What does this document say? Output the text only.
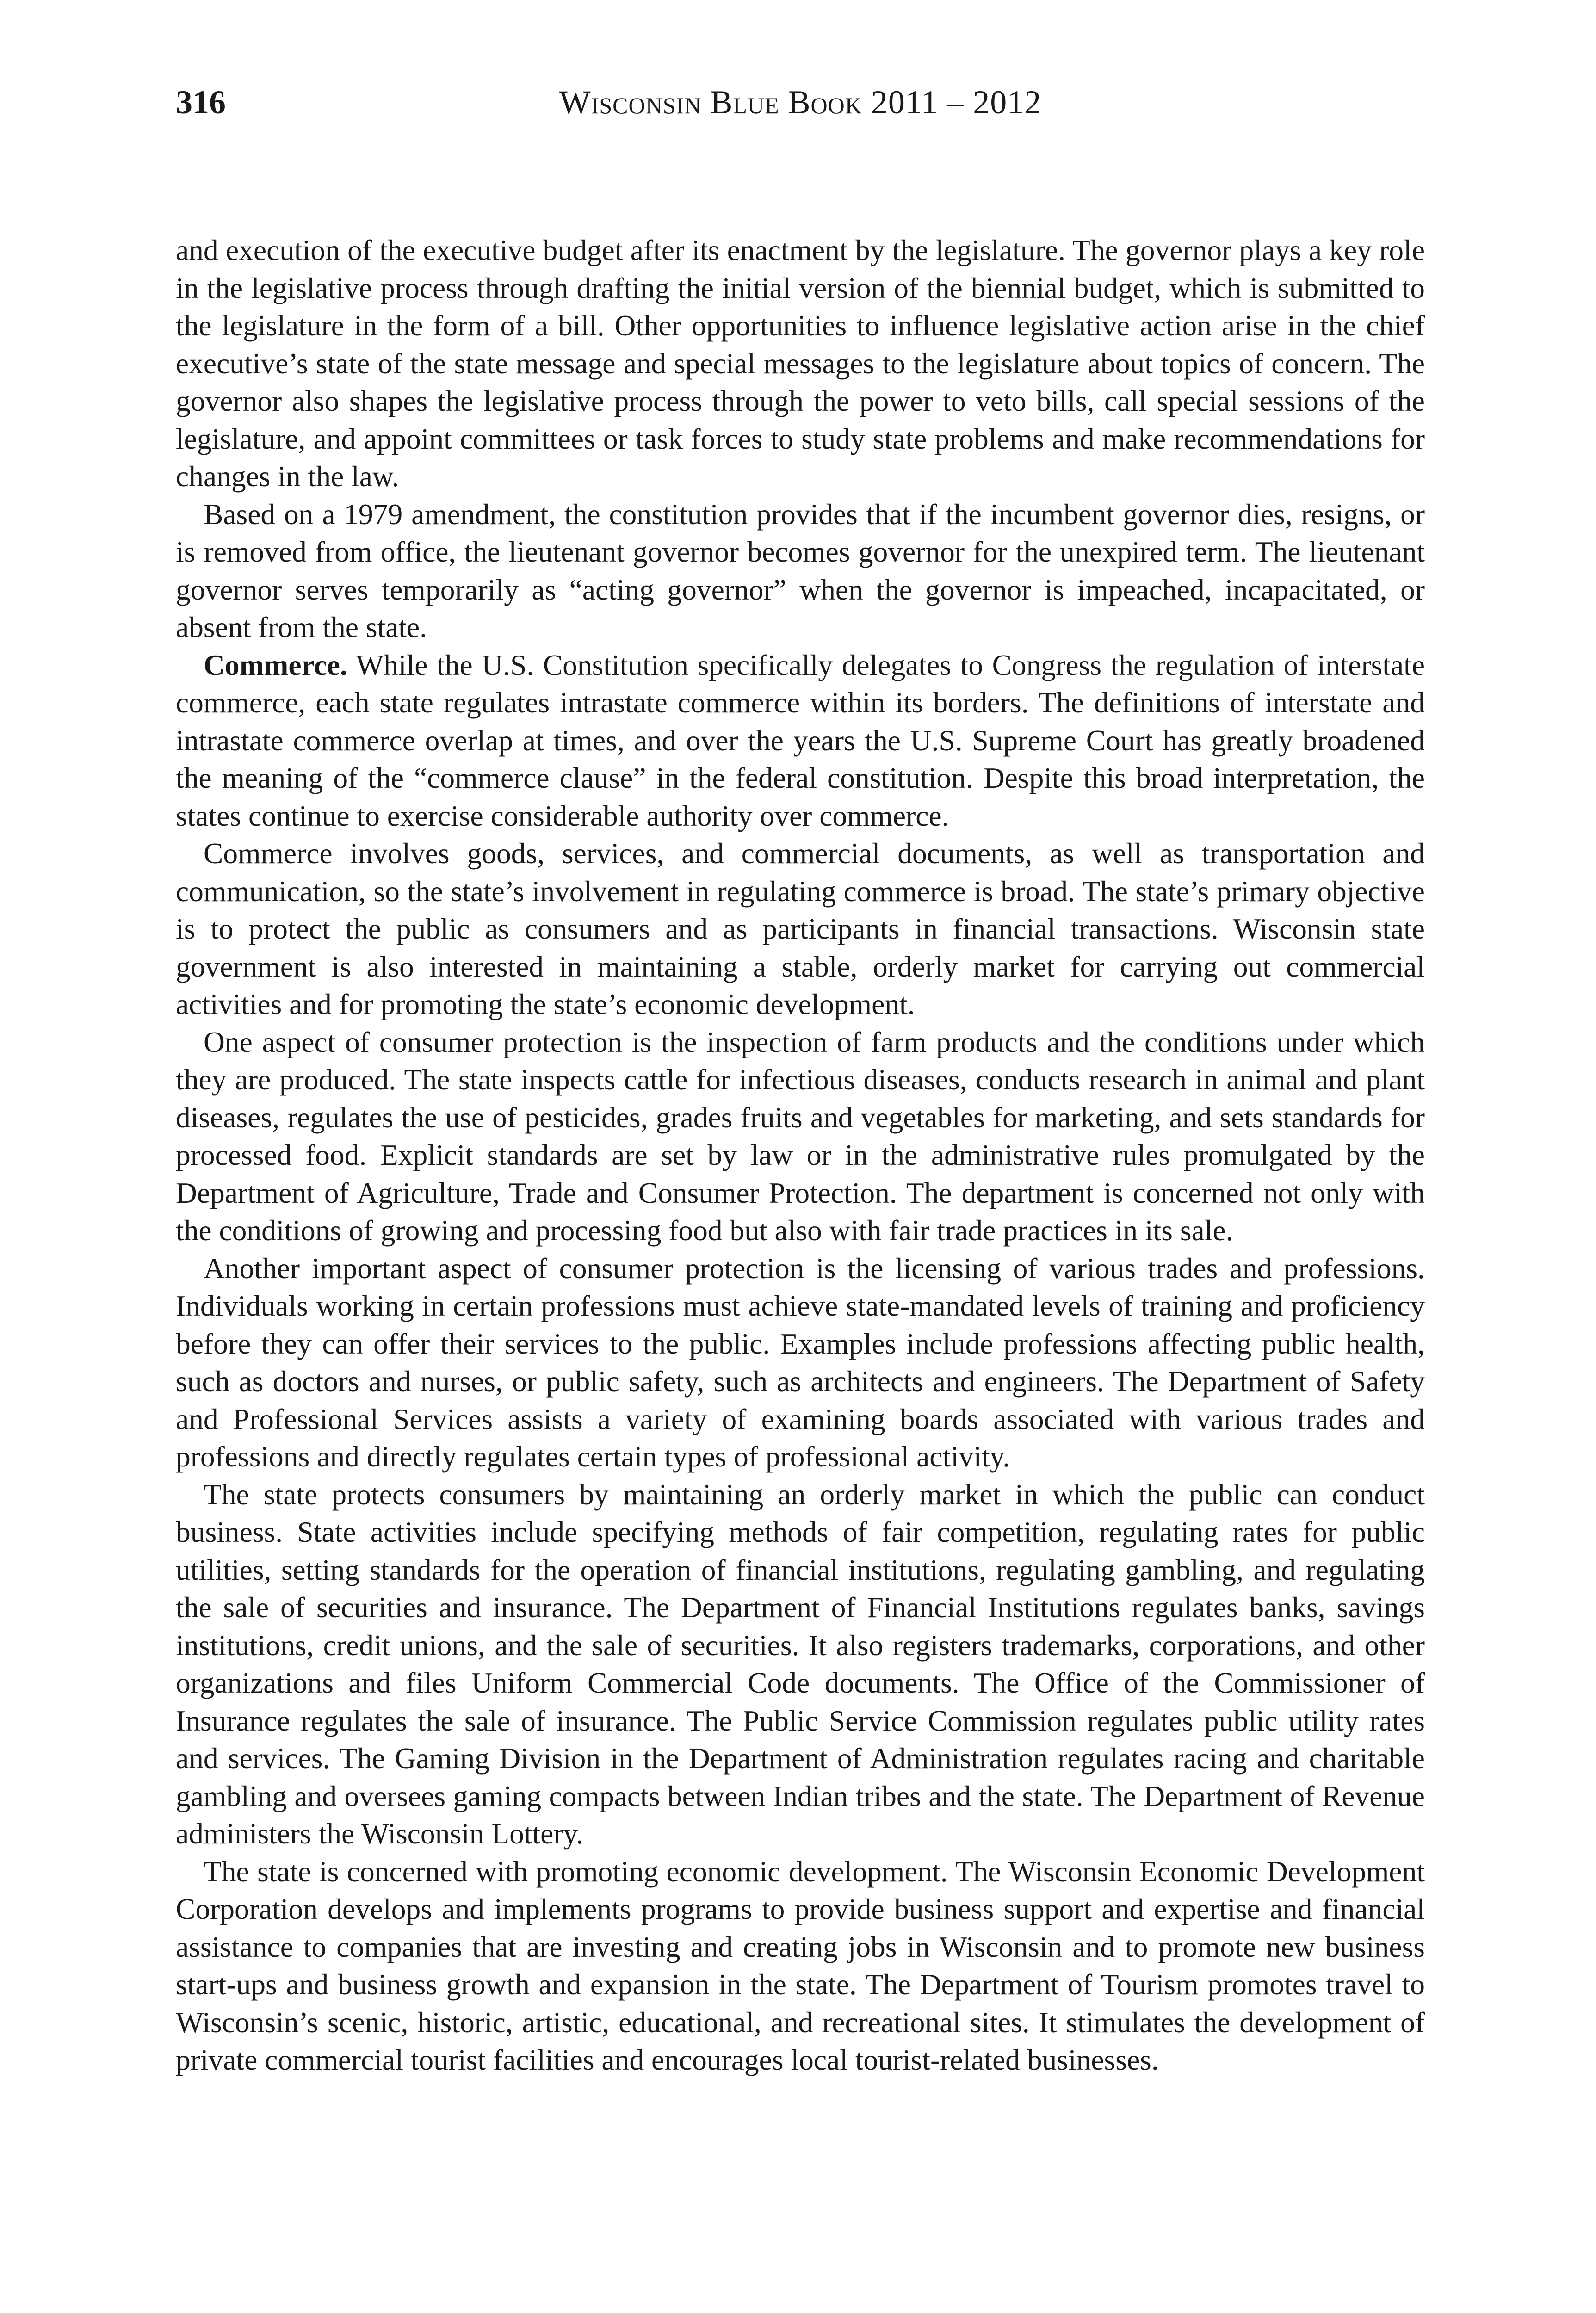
316	Wisconsin Blue Book 2011 – 2012

and execution of the executive budget after its enactment by the legislature. The governor plays a key role in the legislative process through drafting the initial version of the biennial budget, which is submitted to the legislature in the form of a bill. Other opportunities to influence legislative action arise in the chief executive’s state of the state message and special messages to the legislature about topics of concern. The governor also shapes the legislative process through the power to veto bills, call special sessions of the legislature, and appoint committees or task forces to study state problems and make recommendations for changes in the law.

Based on a 1979 amendment, the constitution provides that if the incumbent governor dies, resigns, or is removed from office, the lieutenant governor becomes governor for the unexpired term. The lieutenant governor serves temporarily as “acting governor” when the governor is impeached, incapacitated, or absent from the state.

Commerce. While the U.S. Constitution specifically delegates to Congress the regulation of interstate commerce, each state regulates intrastate commerce within its borders. The definitions of interstate and intrastate commerce overlap at times, and over the years the U.S. Supreme Court has greatly broadened the meaning of the “commerce clause” in the federal constitution. Despite this broad interpretation, the states continue to exercise considerable authority over commerce.

Commerce involves goods, services, and commercial documents, as well as transportation and communication, so the state’s involvement in regulating commerce is broad. The state’s primary objective is to protect the public as consumers and as participants in financial transactions. Wisconsin state government is also interested in maintaining a stable, orderly market for carrying out commercial activities and for promoting the state’s economic development.

One aspect of consumer protection is the inspection of farm products and the conditions under which they are produced. The state inspects cattle for infectious diseases, conducts research in animal and plant diseases, regulates the use of pesticides, grades fruits and vegetables for marketing, and sets standards for processed food. Explicit standards are set by law or in the administrative rules promulgated by the Department of Agriculture, Trade and Consumer Protection. The department is concerned not only with the conditions of growing and processing food but also with fair trade practices in its sale.

Another important aspect of consumer protection is the licensing of various trades and professions. Individuals working in certain professions must achieve state-mandated levels of training and proficiency before they can offer their services to the public. Examples include professions affecting public health, such as doctors and nurses, or public safety, such as architects and engineers. The Department of Safety and Professional Services assists a variety of examining boards associated with various trades and professions and directly regulates certain types of professional activity.

The state protects consumers by maintaining an orderly market in which the public can conduct business. State activities include specifying methods of fair competition, regulating rates for public utilities, setting standards for the operation of financial institutions, regulating gambling, and regulating the sale of securities and insurance. The Department of Financial Institutions regulates banks, savings institutions, credit unions, and the sale of securities. It also registers trademarks, corporations, and other organizations and files Uniform Commercial Code documents. The Office of the Commissioner of Insurance regulates the sale of insurance. The Public Service Commission regulates public utility rates and services. The Gaming Division in the Department of Administration regulates racing and charitable gambling and oversees gaming compacts between Indian tribes and the state. The Department of Revenue administers the Wisconsin Lottery.

The state is concerned with promoting economic development. The Wisconsin Economic Development Corporation develops and implements programs to provide business support and expertise and financial assistance to companies that are investing and creating jobs in Wisconsin and to promote new business start-ups and business growth and expansion in the state. The Department of Tourism promotes travel to Wisconsin’s scenic, historic, artistic, educational, and recreational sites. It stimulates the development of private commercial tourist facilities and encourages local tourist-related businesses.
